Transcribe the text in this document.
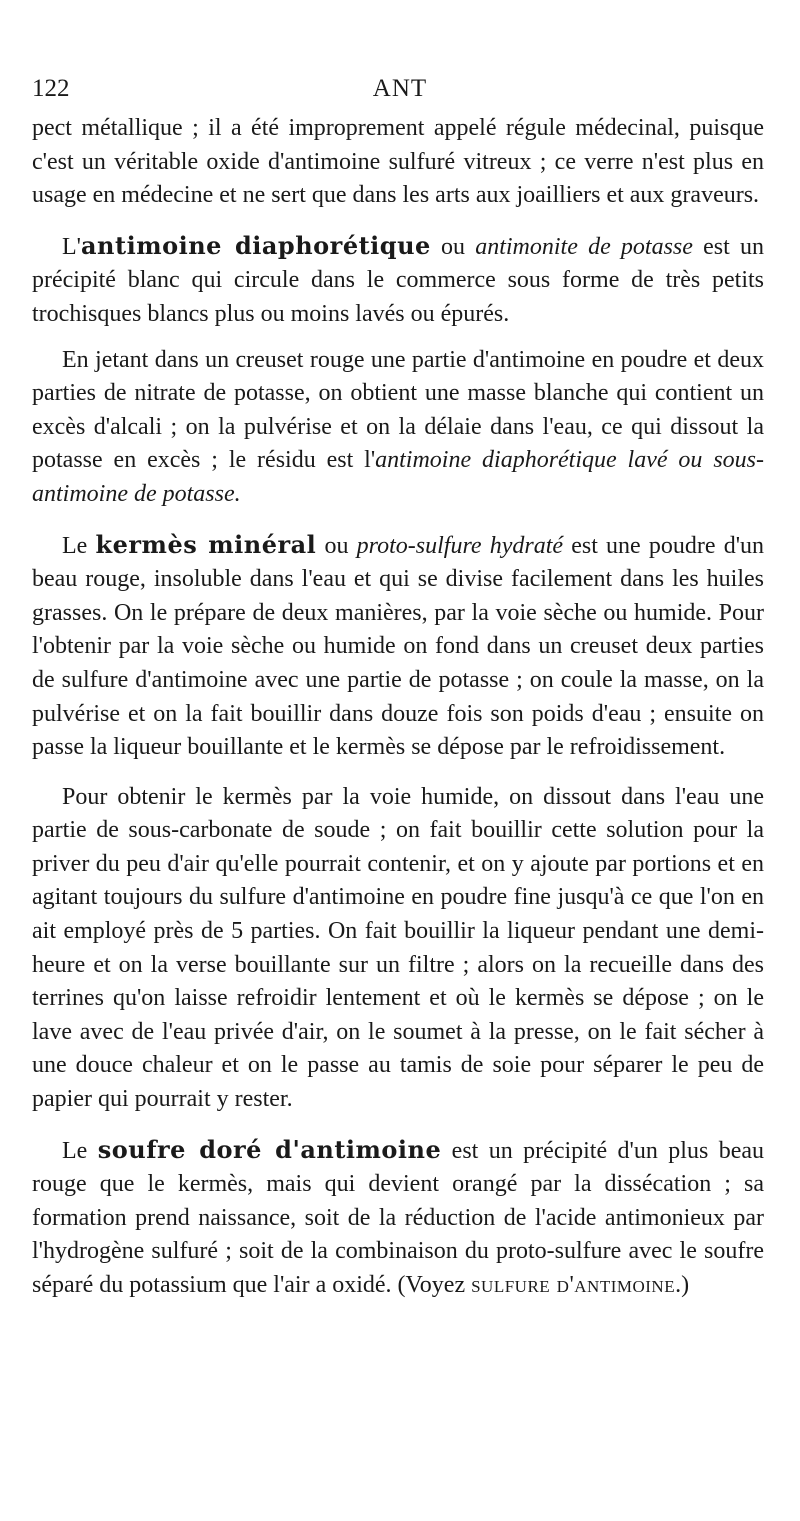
122	ANT

pect métallique ; il a été improprement appelé régule médecinal, puisque c'est un véritable oxide d'antimoine sulfuré vitreux ; ce verre n'est plus en usage en médecine et ne sert que dans les arts aux joailliers et aux graveurs.

L'antimoine diaphorétique ou antimonite de potasse est un précipité blanc qui circule dans le commerce sous forme de très petits trochisques blancs plus ou moins lavés ou épurés.

En jetant dans un creuset rouge une partie d'antimoine en poudre et deux parties de nitrate de potasse, on obtient une masse blanche qui contient un excès d'alcali ; on la pulvérise et on la délaie dans l'eau, ce qui dissout la potasse en excès ; le résidu est l'antimoine diaphorétique lavé ou sous-antimoine de potasse.

Le kermès minéral ou proto-sulfure hydraté est une poudre d'un beau rouge, insoluble dans l'eau et qui se divise facilement dans les huiles grasses. On le prépare de deux manières, par la voie sèche ou humide. Pour l'obtenir par la voie sèche ou humide on fond dans un creuset deux parties de sulfure d'antimoine avec une partie de potasse ; on coule la masse, on la pulvérise et on la fait bouillir dans douze fois son poids d'eau ; ensuite on passe la liqueur bouillante et le kermès se dépose par le refroidissement.

Pour obtenir le kermès par la voie humide, on dissout dans l'eau une partie de sous-carbonate de soude ; on fait bouillir cette solution pour la priver du peu d'air qu'elle pourrait contenir, et on y ajoute par portions et en agitant toujours du sulfure d'antimoine en poudre fine jusqu'à ce que l'on en ait employé près de 5 parties. On fait bouillir la liqueur pendant une demi-heure et on la verse bouillante sur un filtre ; alors on la recueille dans des terrines qu'on laisse refroidir lentement et où le kermès se dépose ; on le lave avec de l'eau privée d'air, on le soumet à la presse, on le fait sécher à une douce chaleur et on le passe au tamis de soie pour séparer le peu de papier qui pourrait y rester.

Le soufre doré d'antimoine est un précipité d'un plus beau rouge que le kermès, mais qui devient orangé par la dissécation ; sa formation prend naissance, soit de la réduction de l'acide antimonieux par l'hydrogène sulfuré ; soit de la combinaison du proto-sulfure avec le soufre séparé du potassium que l'air a oxidé. (Voyez sulfure d'antimoine.)
